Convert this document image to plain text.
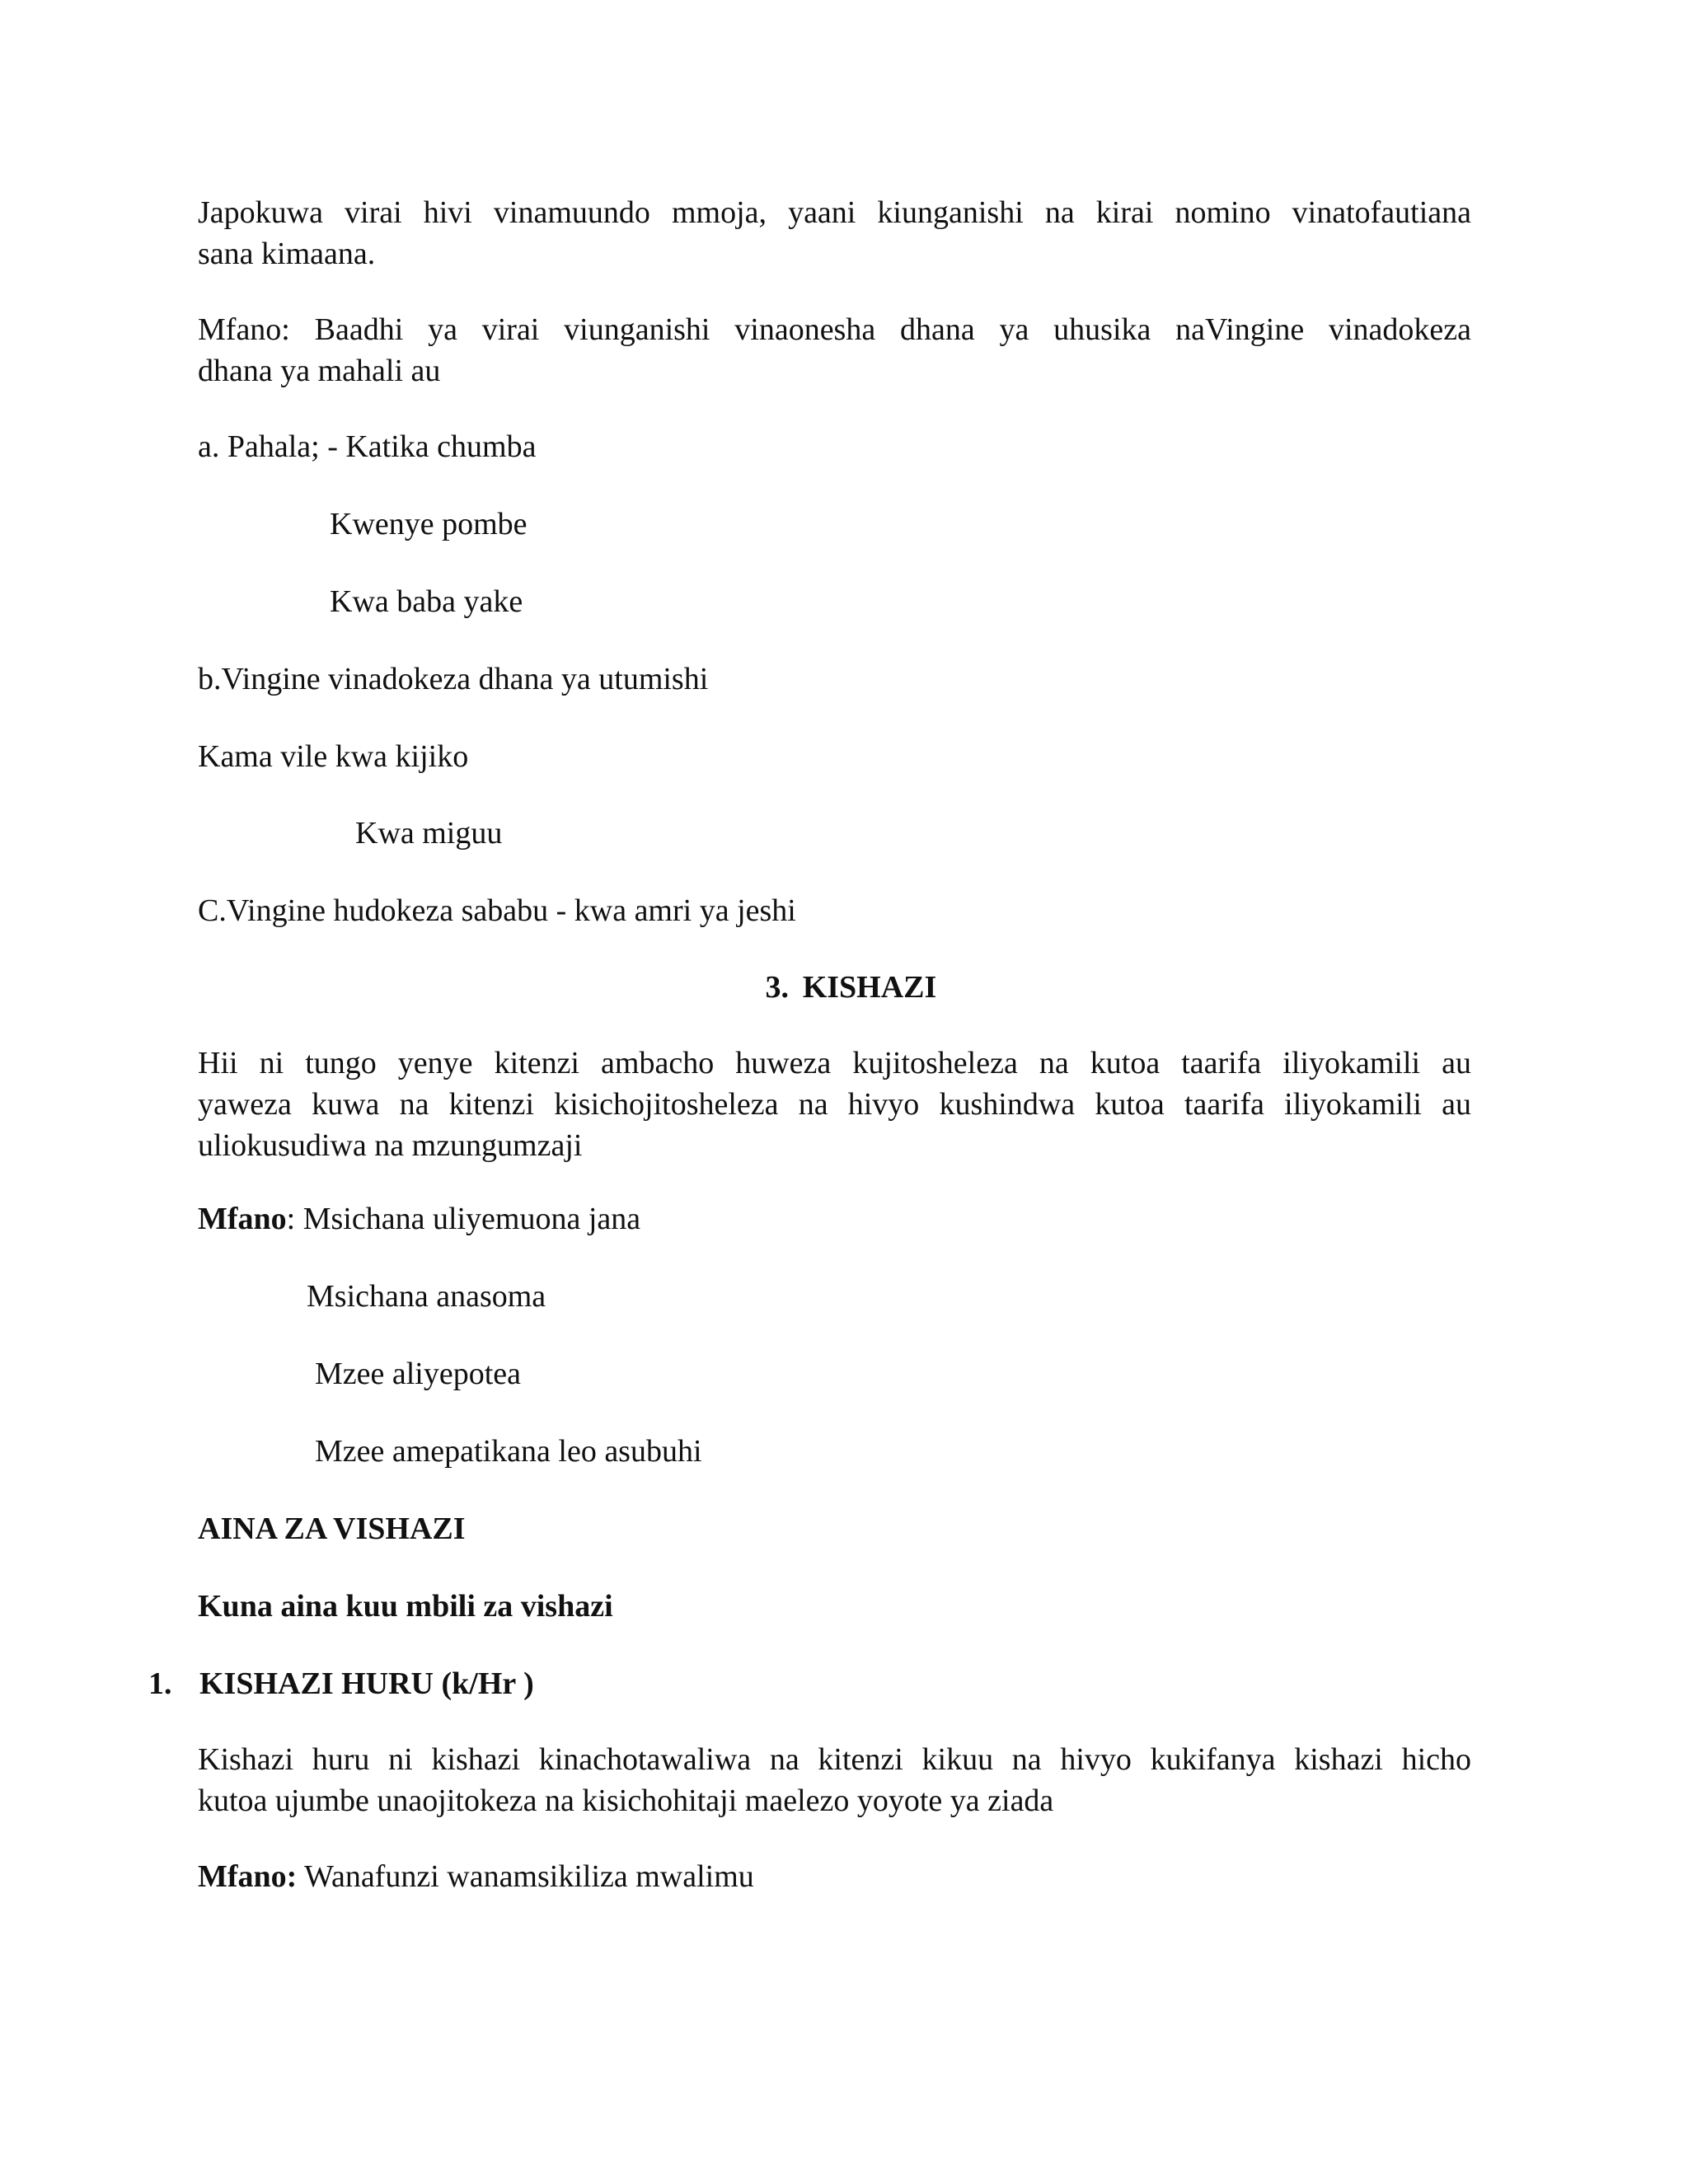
Japokuwa virai hivi vinamuundo mmoja, yaani kiunganishi na kirai nomino vinatofautiana
sana kimaana.

Mfano: Baadhi ya virai viunganishi vinaonesha dhana ya uhusika naVingine vinadokeza
dhana ya mahali au

a. Pahala; - Katika chumba

Kwenye pombe

Kwa baba yake

b.Vingine vinadokeza dhana ya utumishi

Kama vile kwa kijiko

Kwa miguu

C.Vingine hudokeza sababu - kwa amri ya jeshi

3. KISHAZI

Hii ni tungo yenye kitenzi ambacho huweza kujitosheleza na kutoa taarifa iliyokamili au
yaweza kuwa na kitenzi kisichojitosheleza na hivyo kushindwa kutoa taarifa iliyokamili au
uliokusudiwa na mzungumzaji

Mfano: Msichana uliyemuona jana

Msichana anasoma

Mzee aliyepotea

Mzee amepatikana leo asubuhi

AINA ZA VISHAZI

Kuna aina kuu mbili za vishazi

1. KISHAZI HURU (k/Hr )

Kishazi huru ni kishazi kinachotawaliwa na kitenzi kikuu na hivyo kukifanya kishazi hicho
kutoa ujumbe unaojitokeza na kisichohitaji maelezo yoyote ya ziada

Mfano: Wanafunzi wanamsikiliza mwalimu
